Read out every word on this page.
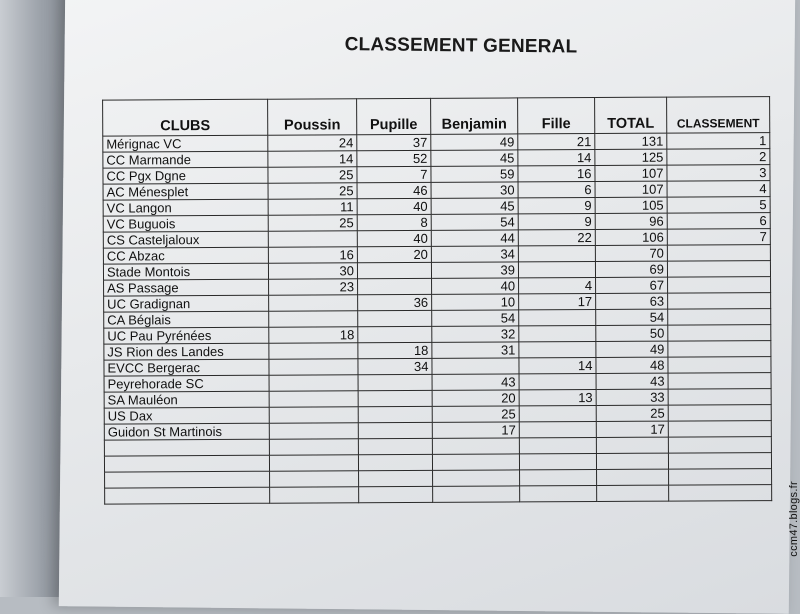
CLASSEMENT GENERAL
CLUBS	Poussin	Pupille	Benjamin	Fille	TOTAL	CLASSEMENT
Mérignac VC	24	37	49	21	131	1
CC Marmande	14	52	45	14	125	2
CC Pgx Dgne	25	7	59	16	107	3
AC Ménesplet	25	46	30	6	107	4
VC Langon	11	40	45	9	105	5
VC Buguois	25	8	54	9	96	6
CS Casteljaloux		40	44	22	106	7
CC Abzac	16	20	34		70	
Stade Montois	30		39		69	
AS Passage	23		40	4	67	
UC Gradignan		36	10	17	63	
CA Béglais			54		54	
UC Pau Pyrénées	18		32		50	
JS Rion des Landes		18	31		49	
EVCC Bergerac		34		14	48	
Peyrehorade SC			43		43	
SA Mauléon			20	13	33	
US Dax			25		25	
Guidon St Martinois			17		17	

ccm47.blogs.fr
